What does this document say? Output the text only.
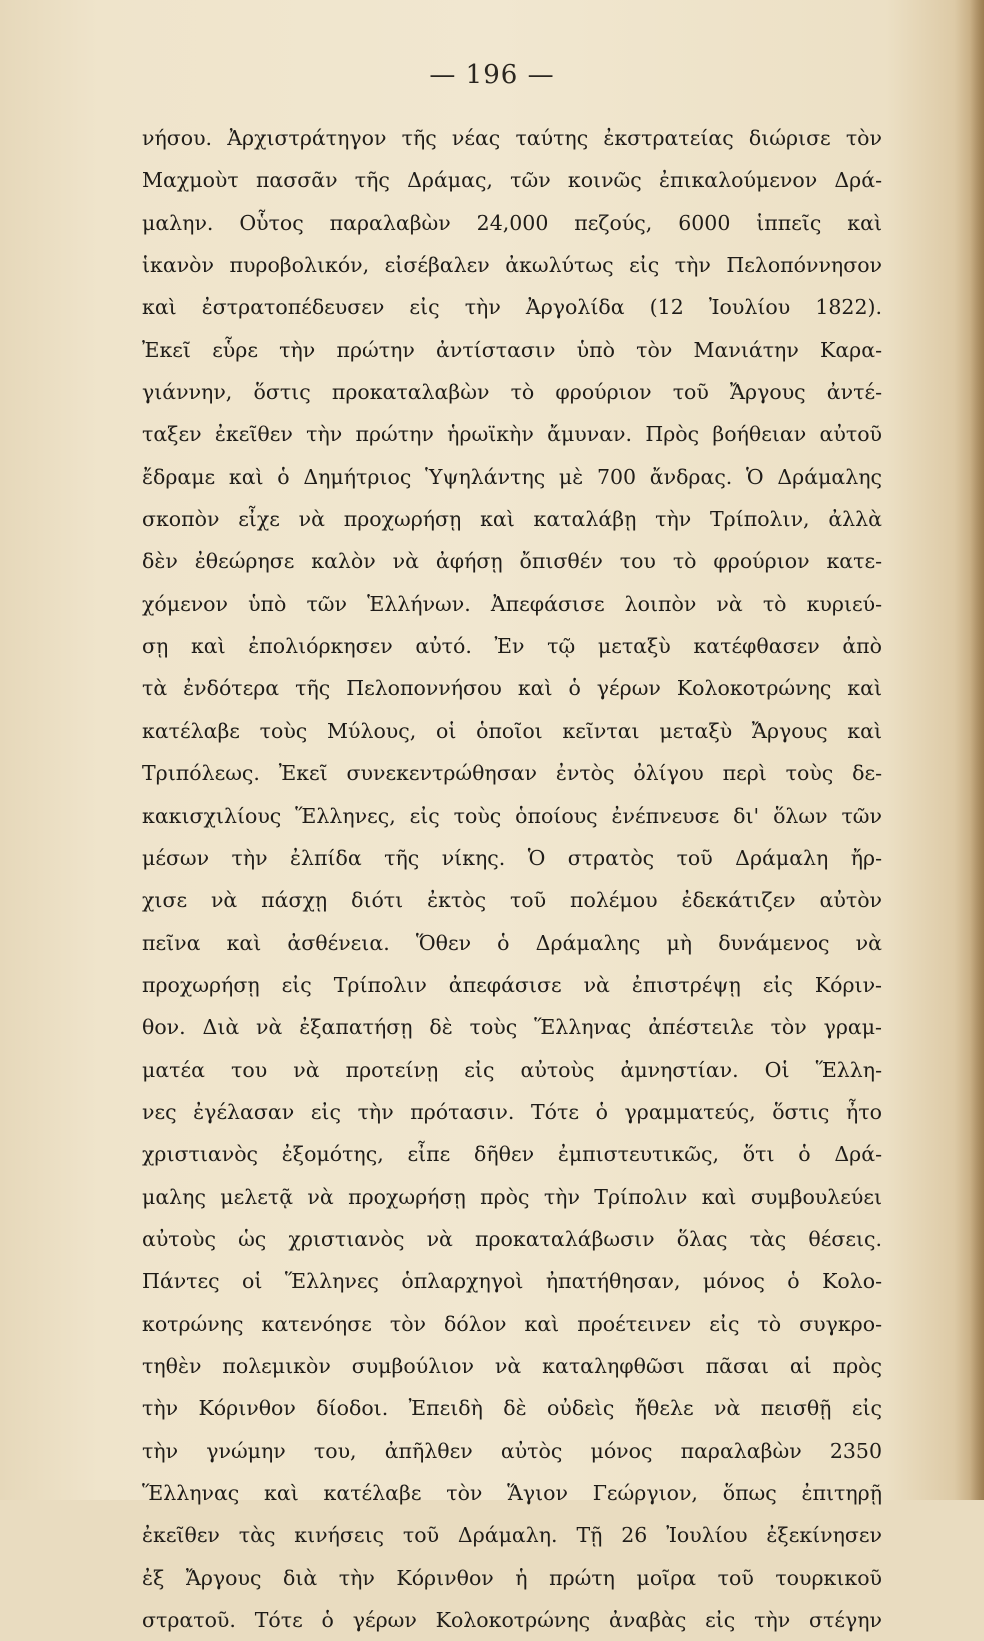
— 196 —
νήσου. Ἀρχιστράτηγον τῆς νέας ταύτης ἐκστρατείας διώρισε τὸν
Μαχμοὺτ πασσᾶν τῆς Δράμας, τῶν κοινῶς ἐπικαλούμενον Δρά-
μαλην. Οὗτος παραλαβὼν 24,000 πεζούς, 6000 ἱππεῖς καὶ
ἱκανὸν πυροβολικόν, εἰσέβαλεν ἀκωλύτως εἰς τὴν Πελοπόννησον
καὶ ἐστρατοπέδευσεν εἰς τὴν Ἀργολίδα (12 Ἰουλίου 1822).
Ἐκεῖ εὗρε τὴν πρώτην ἀντίστασιν ὑπὸ τὸν Μανιάτην Καρα-
γιάννην, ὅστις προκαταλαβὼν τὸ φρούριον τοῦ Ἄργους ἀντέ-
ταξεν ἐκεῖθεν τὴν πρώτην ἡρωϊκὴν ἄμυναν. Πρὸς βοήθειαν αὐτοῦ
ἔδραμε καὶ ὁ Δημήτριος Ὑψηλάντης μὲ 700 ἄνδρας. Ὁ Δράμαλης
σκοπὸν εἶχε νὰ προχωρήσῃ καὶ καταλάβῃ τὴν Τρίπολιν, ἀλλὰ
δὲν ἐθεώρησε καλὸν νὰ ἀφήσῃ ὄπισθέν του τὸ φρούριον κατε-
χόμενον ὑπὸ τῶν Ἑλλήνων. Ἀπεφάσισε λοιπὸν νὰ τὸ κυριεύ-
σῃ καὶ ἐπολιόρκησεν αὐτό. Ἐν τῷ μεταξὺ κατέφθασεν ἀπὸ
τὰ ἐνδότερα τῆς Πελοποννήσου καὶ ὁ γέρων Κολοκοτρώνης καὶ
κατέλαβε τοὺς Μύλους, οἱ ὁποῖοι κεῖνται μεταξὺ Ἄργους καὶ
Τριπόλεως. Ἐκεῖ συνεκεντρώθησαν ἐντὸς ὀλίγου περὶ τοὺς δε-
κακισχιλίους Ἕλληνες, εἰς τοὺς ὁποίους ἐνέπνευσε δι' ὅλων τῶν
μέσων τὴν ἐλπίδα τῆς νίκης. Ὁ στρατὸς τοῦ Δράμαλη ἤρ-
χισε νὰ πάσχῃ διότι ἐκτὸς τοῦ πολέμου ἐδεκάτιζεν αὐτὸν
πεῖνα καὶ ἀσθένεια. Ὅθεν ὁ Δράμαλης μὴ δυνάμενος νὰ
προχωρήσῃ εἰς Τρίπολιν ἀπεφάσισε νὰ ἐπιστρέψῃ εἰς Κόριν-
θον. Διὰ νὰ ἐξαπατήσῃ δὲ τοὺς Ἕλληνας ἀπέστειλε τὸν γραμ-
ματέα του νὰ προτείνῃ εἰς αὐτοὺς ἀμνηστίαν. Οἱ Ἕλλη-
νες ἐγέλασαν εἰς τὴν πρότασιν. Τότε ὁ γραμματεύς, ὅστις ἦτο
χριστιανὸς ἐξομότης, εἶπε δῆθεν ἐμπιστευτικῶς, ὅτι ὁ Δρά-
μαλης μελετᾷ νὰ προχωρήσῃ πρὸς τὴν Τρίπολιν καὶ συμβουλεύει
αὐτοὺς ὡς χριστιανὸς νὰ προκαταλάβωσιν ὅλας τὰς θέσεις.
Πάντες οἱ Ἕλληνες ὁπλαρχηγοὶ ἠπατήθησαν, μόνος ὁ Κολο-
κοτρώνης κατενόησε τὸν δόλον καὶ προέτεινεν εἰς τὸ συγκρο-
τηθὲν πολεμικὸν συμβούλιον νὰ καταληφθῶσι πᾶσαι αἱ πρὸς
τὴν Κόρινθον δίοδοι. Ἐπειδὴ δὲ οὐδεὶς ἤθελε νὰ πεισθῇ εἰς
τὴν γνώμην του, ἀπῆλθεν αὐτὸς μόνος παραλαβὼν 2350
Ἕλληνας καὶ κατέλαβε τὸν Ἅγιον Γεώργιον, ὅπως ἐπιτηρῇ
ἐκεῖθεν τὰς κινήσεις τοῦ Δράμαλη. Τῇ 26 Ἰουλίου ἐξεκίνησεν
ἐξ Ἄργους διὰ τὴν Κόρινθον ἡ πρώτη μοῖρα τοῦ τουρκικοῦ
στρατοῦ. Τότε ὁ γέρων Κολοκοτρώνης ἀναβὰς εἰς τὴν στέγην
